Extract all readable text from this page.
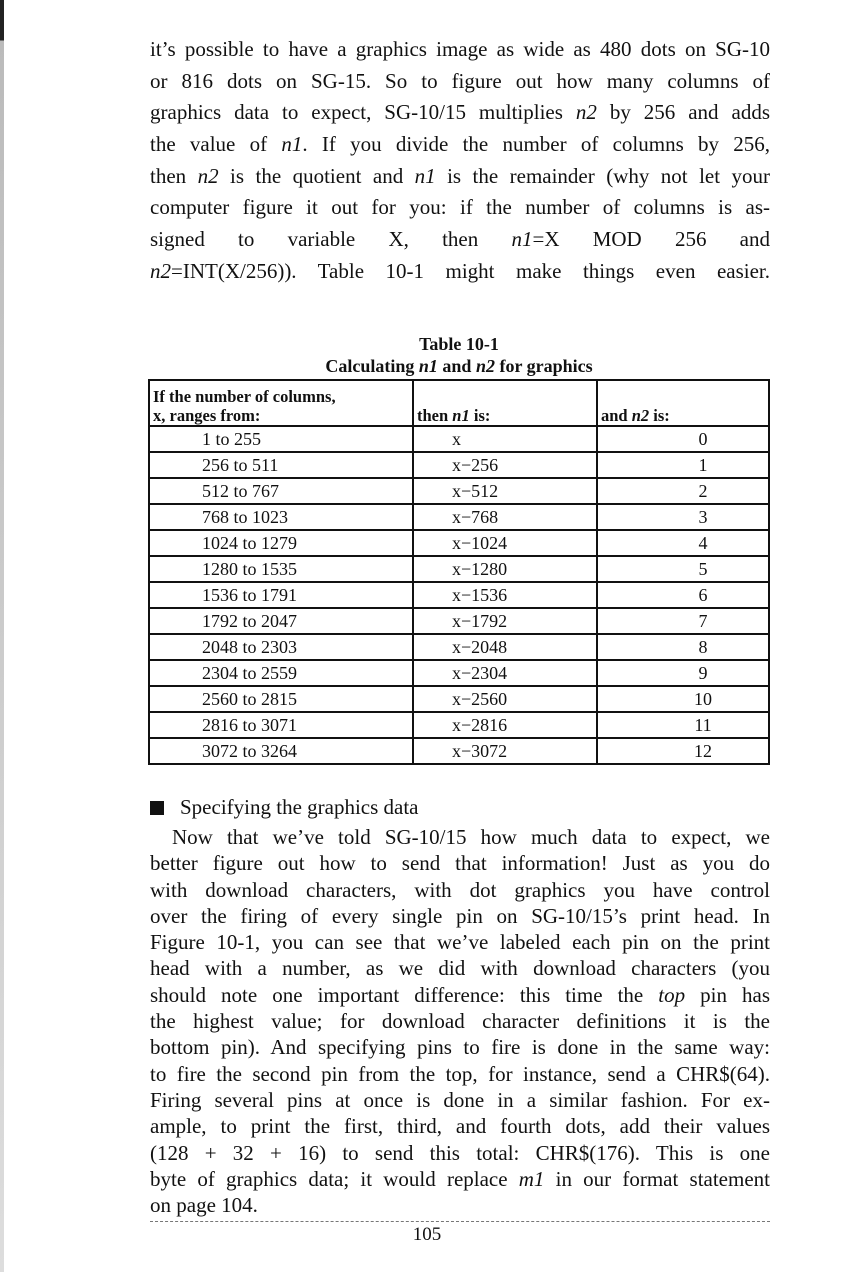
it’s possible to have a graphics image as wide as 480 dots on SG-10
or 816 dots on SG-15. So to figure out how many columns of
graphics data to expect, SG-10/15 multiplies n2 by 256 and adds
the value of n1. If you divide the number of columns by 256,
then n2 is the quotient and n1 is the remainder (why not let your
computer figure it out for you: if the number of columns is as-
signed to variable X, then n1=X MOD 256 and
n2=INT(X/256)). Table 10-1 might make things even easier.
Table 10-1
Calculating n1 and n2 for graphics
If the number of columns,
x, ranges from:	then n1 is:	and n2 is:
1 to 255	x	0
256 to 511	x−256	1
512 to 767	x−512	2
768 to 1023	x−768	3
1024 to 1279	x−1024	4
1280 to 1535	x−1280	5
1536 to 1791	x−1536	6
1792 to 2047	x−1792	7
2048 to 2303	x−2048	8
2304 to 2559	x−2304	9
2560 to 2815	x−2560	10
2816 to 3071	x−2816	11
3072 to 3264	x−3072	12
Specifying the graphics data
Now that we’ve told SG-10/15 how much data to expect, we
better figure out how to send that information! Just as you do
with download characters, with dot graphics you have control
over the firing of every single pin on SG-10/15’s print head. In
Figure 10-1, you can see that we’ve labeled each pin on the print
head with a number, as we did with download characters (you
should note one important difference: this time the top pin has
the highest value; for download character definitions it is the
bottom pin). And specifying pins to fire is done in the same way:
to fire the second pin from the top, for instance, send a CHR$(64).
Firing several pins at once is done in a similar fashion. For ex-
ample, to print the first, third, and fourth dots, add their values
(128 + 32 + 16) to send this total: CHR$(176). This is one
byte of graphics data; it would replace m1 in our format statement
on page 104.
105
